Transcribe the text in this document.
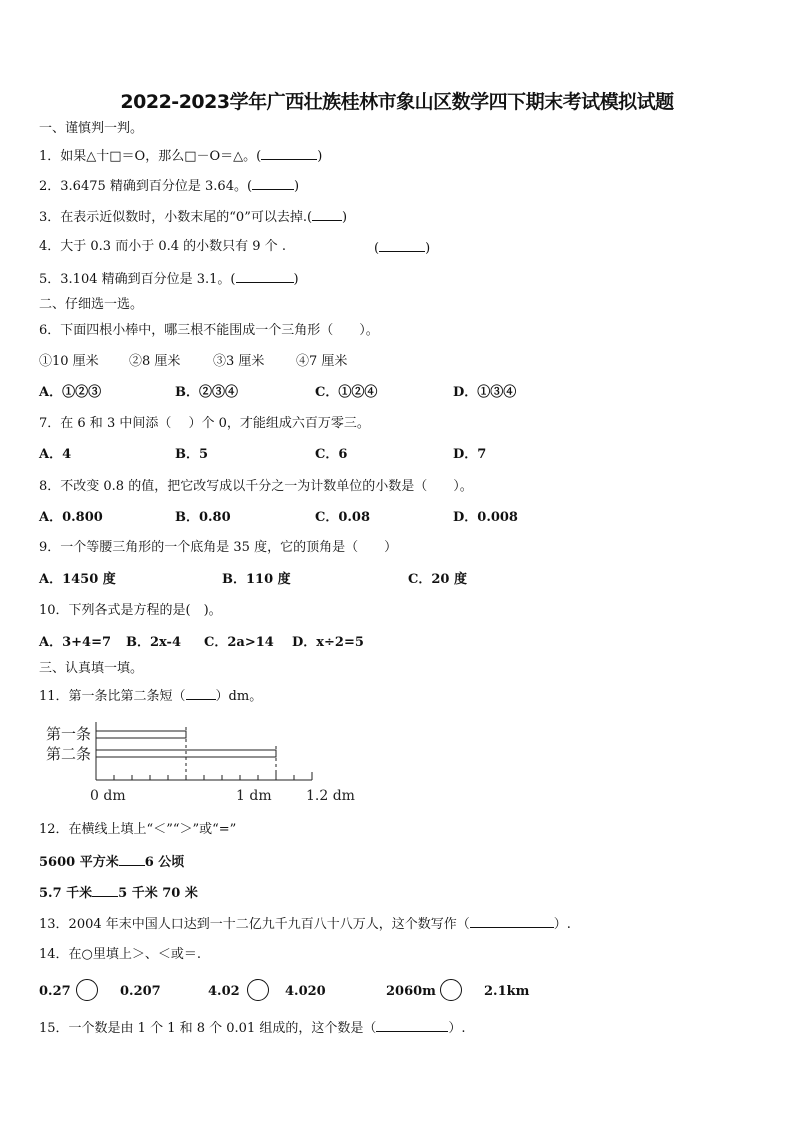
2022-2023学年广西壮族桂林市象山区数学四下期末考试模拟试题
一、谨慎判一判。
1．如果△十□＝O，那么□－O＝△。(	)
2．3.6475 精确到百分位是 3.64。(	)
3．在表示近似数时，小数末尾的“0”可以去掉.( )
4．大于 0.3 而小于 0.4 的小数只有 9 个 .	(	)
5．3.104 精确到百分位是 3.1。(	)
二、仔细选一选。
6．下面四根小棒中，哪三根不能围成一个三角形（　　）。
①10 厘米 ②8 厘米	③3 厘米 ④7 厘米
A．①②③	B．②③④	C．①②④	D．①③④
7．在 6 和 3 中间添（　 ）个 0，才能组成六百万零三。
A．4	B．5	C．6	D．7
8．不改变 0.8 的值，把它改写成以千分之一为计数单位的小数是（　　）。
A．0.800	B．0.80	C．0.08	D．0.008
9．一个等腰三角形的一个底角是 35 度，它的顶角是（　　）
A．1450 度	B．110 度	C．20 度
10．下列各式是方程的是(　)。
A．3+4=7 B．2x-4 C．2a>14 D．x÷2=5
三、认真填一填。
11．第一条比第二条短（ ）dm。
第一条
第二条
0 dm	1 dm 1.2 dm
12．在横线上填上“＜”“＞”或“=”
5600 平方米 6 公顷
5.7 千米 5 千米 70 米
13．2004 年末中国人口达到一十二亿九千九百八十八万人，这个数写作（	）.
14．在○里填上＞、＜或＝.
0.27	0.207	4.02	4.020	2060m	2.1km
15．一个数是由 1 个 1 和 8 个 0.01 组成的，这个数是（	）.
